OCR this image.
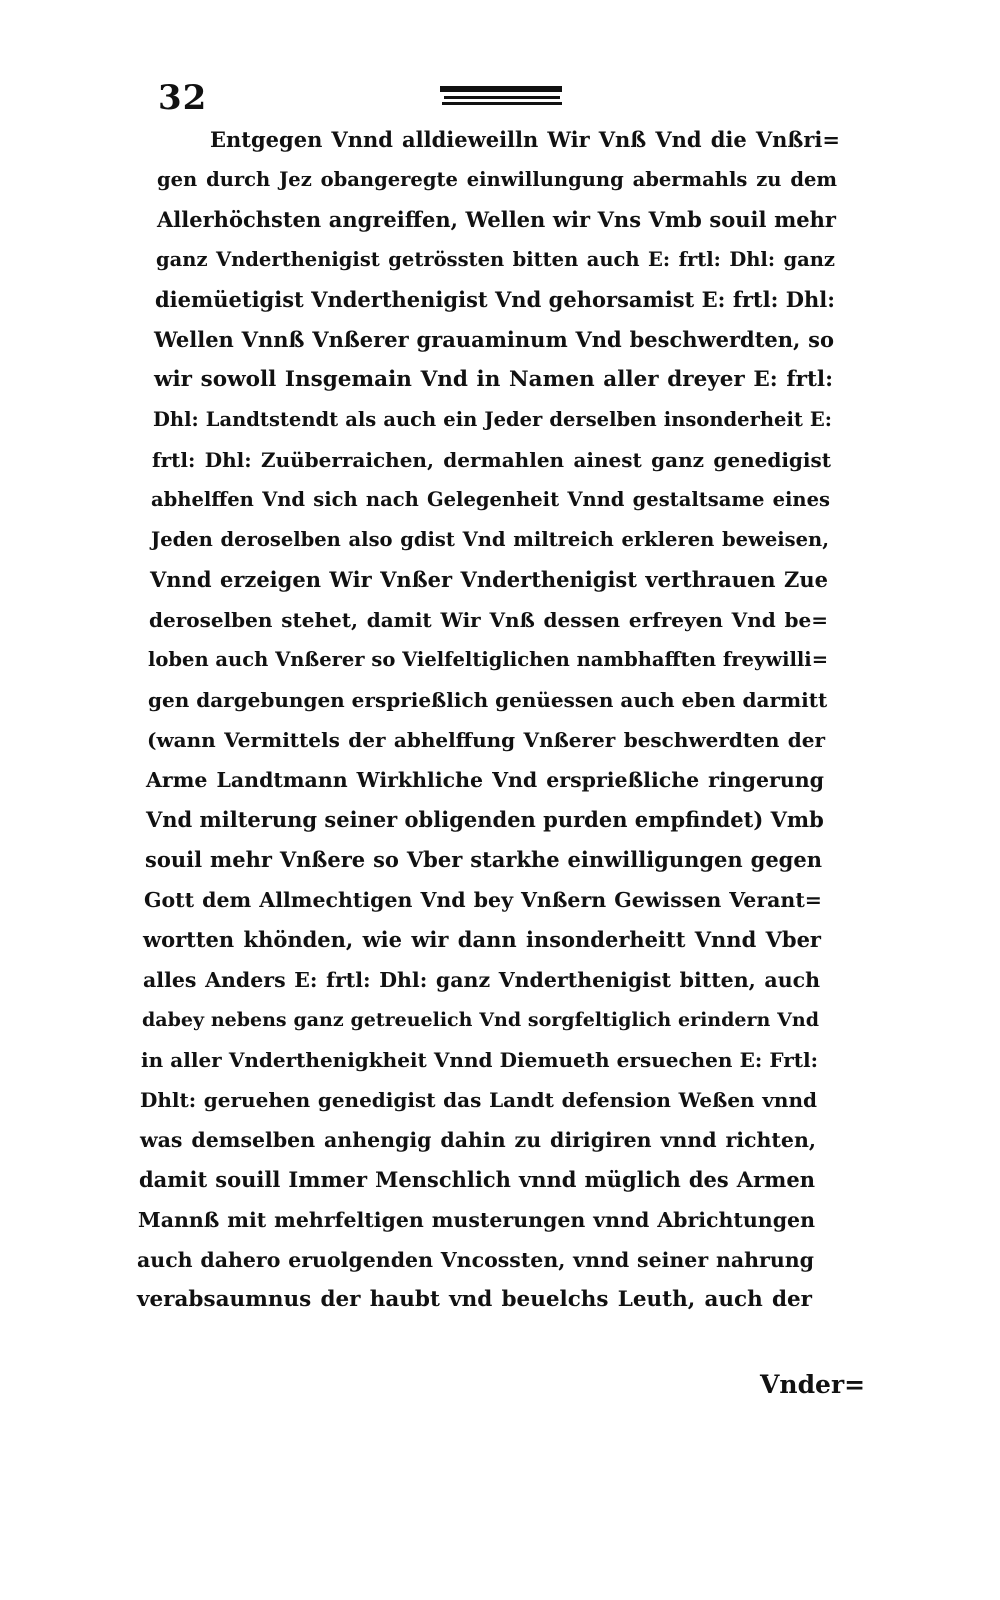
32
Entgegen Vnnd alldieweilln Wir Vnß Vnd die Vnßri=
gen durch Jez obangeregte einwillungung abermahls zu dem
Allerhöchsten angreiffen, Wellen wir Vns Vmb souil mehr
ganz Vnderthenigist getrössten bitten auch E: frtl: Dhl: ganz
diemüetigist Vnderthenigist Vnd gehorsamist E: frtl: Dhl:
Wellen Vnnß Vnßerer grauaminum Vnd beschwerdten, so
wir sowoll Insgemain Vnd in Namen aller dreyer E: frtl:
Dhl: Landtstendt als auch ein Jeder derselben insonderheit E:
frtl: Dhl: Zuüberraichen, dermahlen ainest ganz genedigist
abhelffen Vnd sich nach Gelegenheit Vnnd gestaltsame eines
Jeden deroselben also gdist Vnd miltreich erkleren beweisen,
Vnnd erzeigen Wir Vnßer Vnderthenigist verthrauen Zue
deroselben stehet, damit Wir Vnß dessen erfreyen Vnd be=
loben auch Vnßerer so Vielfeltiglichen nambhafften freywilli=
gen dargebungen erspriеßlich genüessen auch eben darmitt
(wann Vermittels der abhelffung Vnßerer beschwerdten der
Arme Landtmann Wirkhliche Vnd ersprießliche ringerung
Vnd milterung seiner obligenden purden empfindet) Vmb
souil mehr Vnßere so Vber starkhe einwilligungen gegen
Gott dem Allmechtigen Vnd bey Vnßern Gewissen Verant=
wortten khönden, wie wir dann insonderheitt Vnnd Vber
alles Anders E: frtl: Dhl: ganz Vnderthenigist bitten, auch
dabey nebens ganz getreuelich Vnd sorgfeltiglich erindern Vnd
in aller Vnderthenigkheit Vnnd Diemueth ersuechen E: Frtl:
Dhlt: geruehen genedigist das Landt defension Weßen vnnd
was demselben anhengig dahin zu dirigiren vnnd richten,
damit souill Immer Menschlich vnnd müglich des Armen
Mannß mit mehrfeltigen musterungen vnnd Abrichtungen
auch dahero eruolgenden Vncossten, vnnd seiner nahrung
verabsaumnus der haubt vnd beuelchs Leuth, auch der
Vnder=
